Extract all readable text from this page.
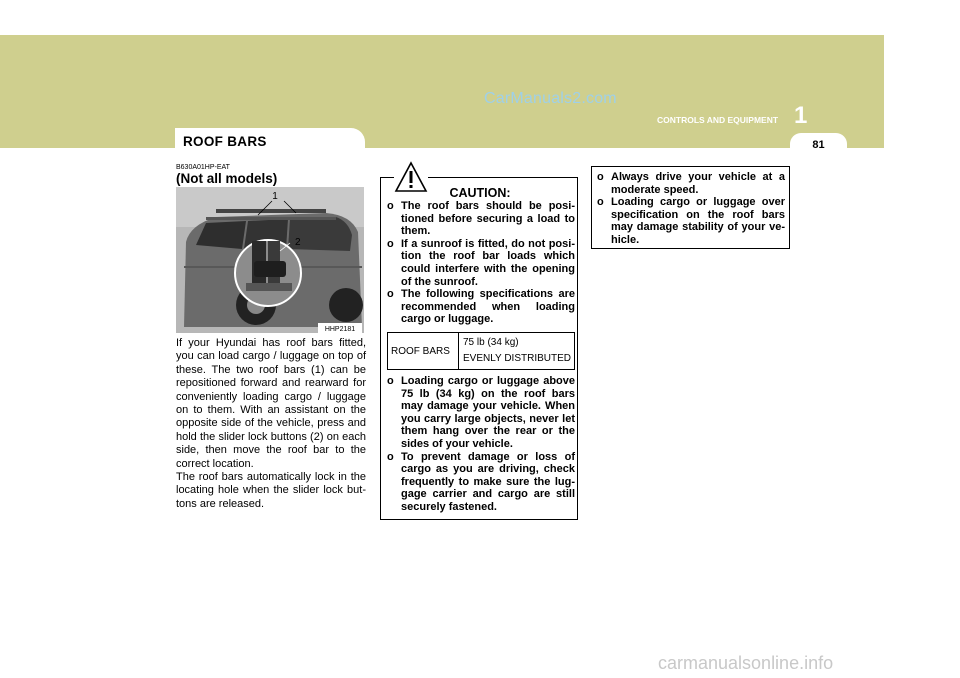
CarManuals2.com
CONTROLS AND EQUIPMENT 1
81
ROOF BARS
B630A01HP-EAT
(Not all models)
1
2
HHP2181

If your Hyundai has roof bars fitted, you can load cargo / luggage on top of these. The two roof bars (1) can be repositioned forward and rearward for conveniently loading cargo / luggage on to them. With an assistant on the opposite side of the vehicle, press and hold the slider lock buttons (2) on each side, then move the roof bar to the correct location.

The roof bars automatically lock in the locating hole when the slider lock but-tons are released.

CAUTION:
o The roof bars should be posi-tioned before securing a load to them.
o If a sunroof is fitted, do not posi-tion the roof bar loads which could interfere with the opening of the sunroof.
o The following specifications are recommended when loading cargo or luggage.
ROOF BARS
75 lb (34 kg)
EVENLY DISTRIBUTED
o Loading cargo or luggage above 75 lb (34 kg) on the roof bars may damage your vehicle. When you carry large objects, never let them hang over the rear or the sides of your vehicle.
o To prevent damage or loss of cargo as you are driving, check frequently to make sure the lug-gage carrier and cargo are still securely fastened.
o Always drive your vehicle at a moderate speed.
o Loading cargo or luggage over specification on the roof bars may damage stability of your ve-hicle.
carmanualsonline.info
